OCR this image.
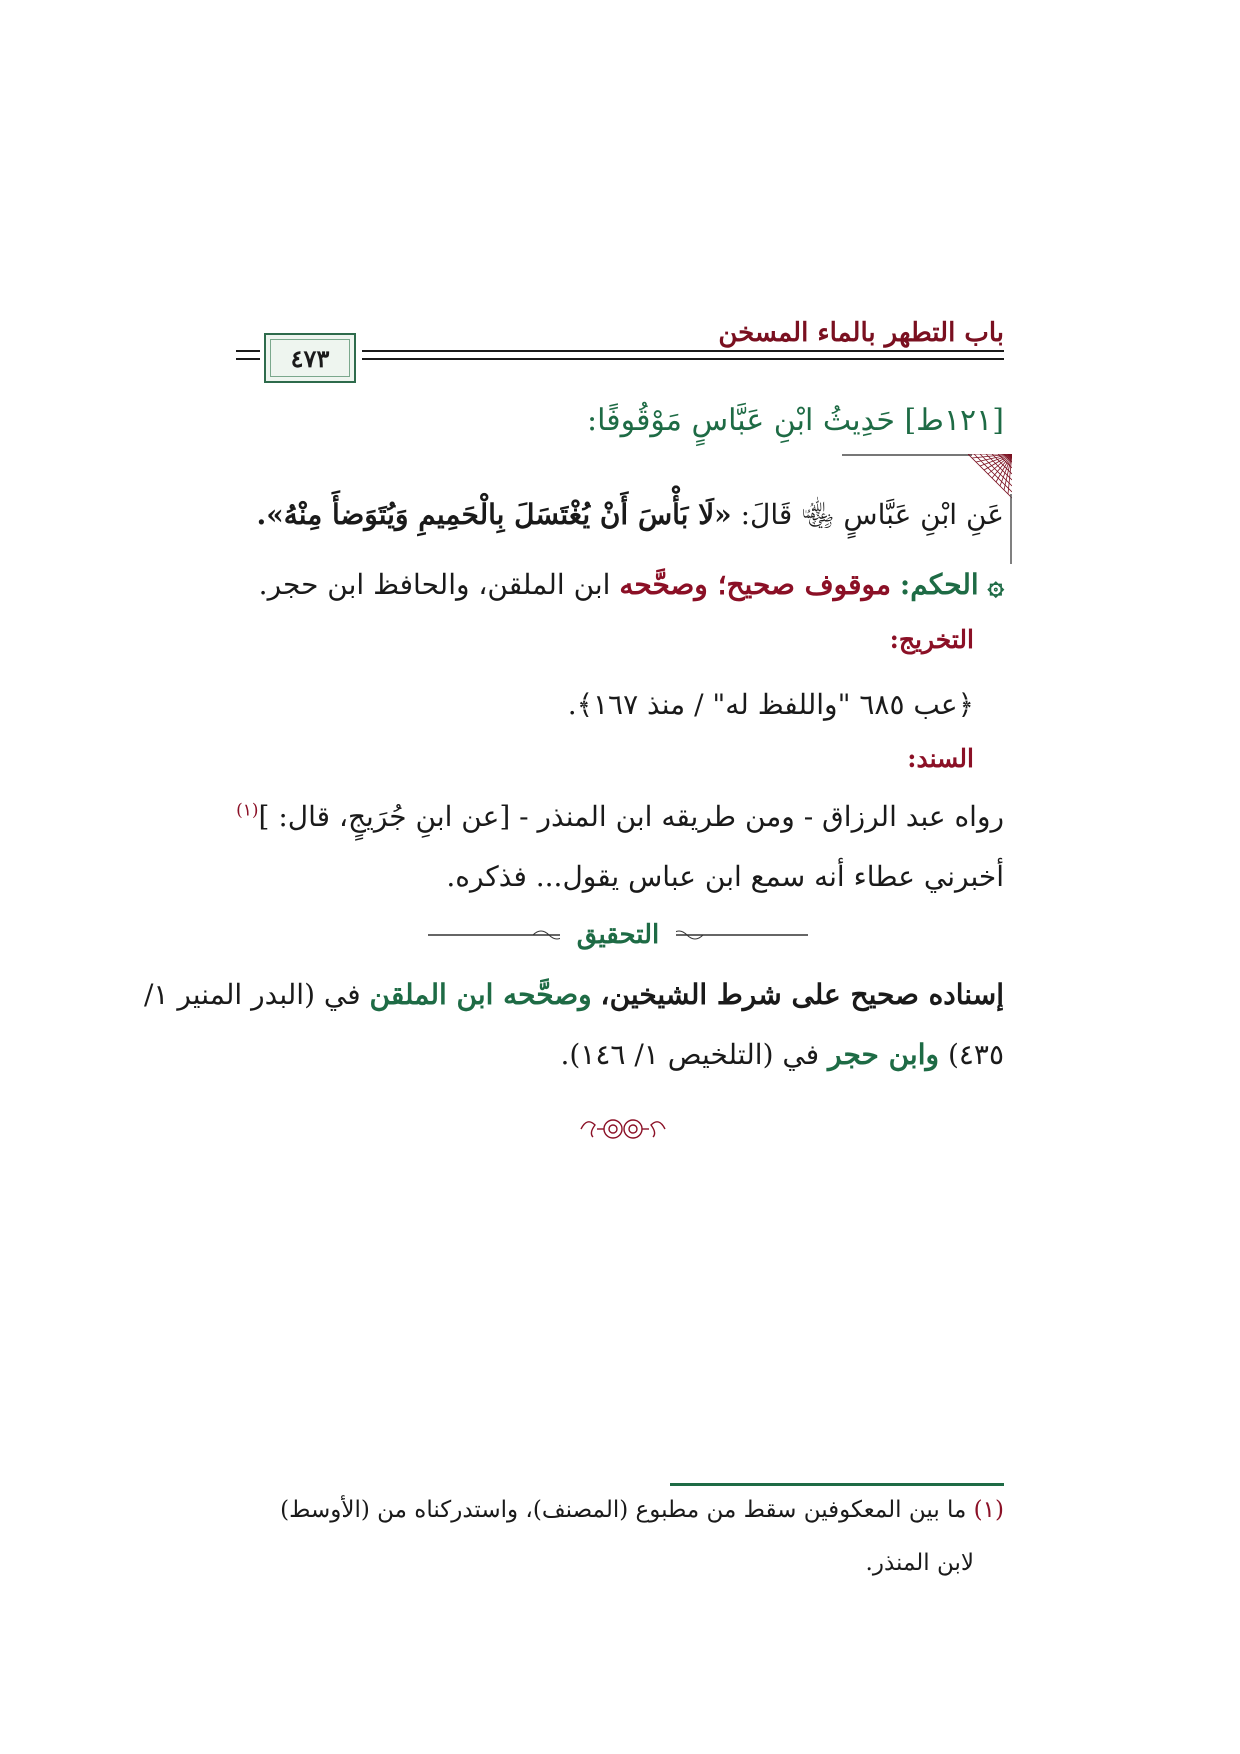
باب التطهر بالماء المسخن
٤٧٣
[١٢١ط] حَدِيثُ ابْنِ عَبَّاسٍ مَوْقُوفًا:
عَنِ ابْنِ عَبَّاسٍ ﵄ قَالَ: «لَا بَأْسَ أَنْ يُغْتَسَلَ بِالْحَمِيمِ وَيُتَوَضأَ مِنْهُ».
۞ الحكم: موقوف صحيح؛ وصحَّحه ابن الملقن، والحافظ ابن حجر.
التخريج:
﴿عب ٦٨٥ "واللفظ له" / منذ ١٦٧﴾.
السند:
رواه عبد الرزاق - ومن طريقه ابن المنذر - [عن ابنِ جُرَيجٍ، قال: ]$^{(١)}$
أخبرني عطاء أنه سمع ابن عباس يقول... فذكره.
التحقيق
إسناده صحيح على شرط الشيخين، وصحَّحه ابن الملقن في (البدر المنير ١/
٤٣٥) وابن حجر في (التلخيص ١/ ١٤٦).
(١) ما بين المعكوفين سقط من مطبوع (المصنف)، واستدركناه من (الأوسط)
لابن المنذر.
